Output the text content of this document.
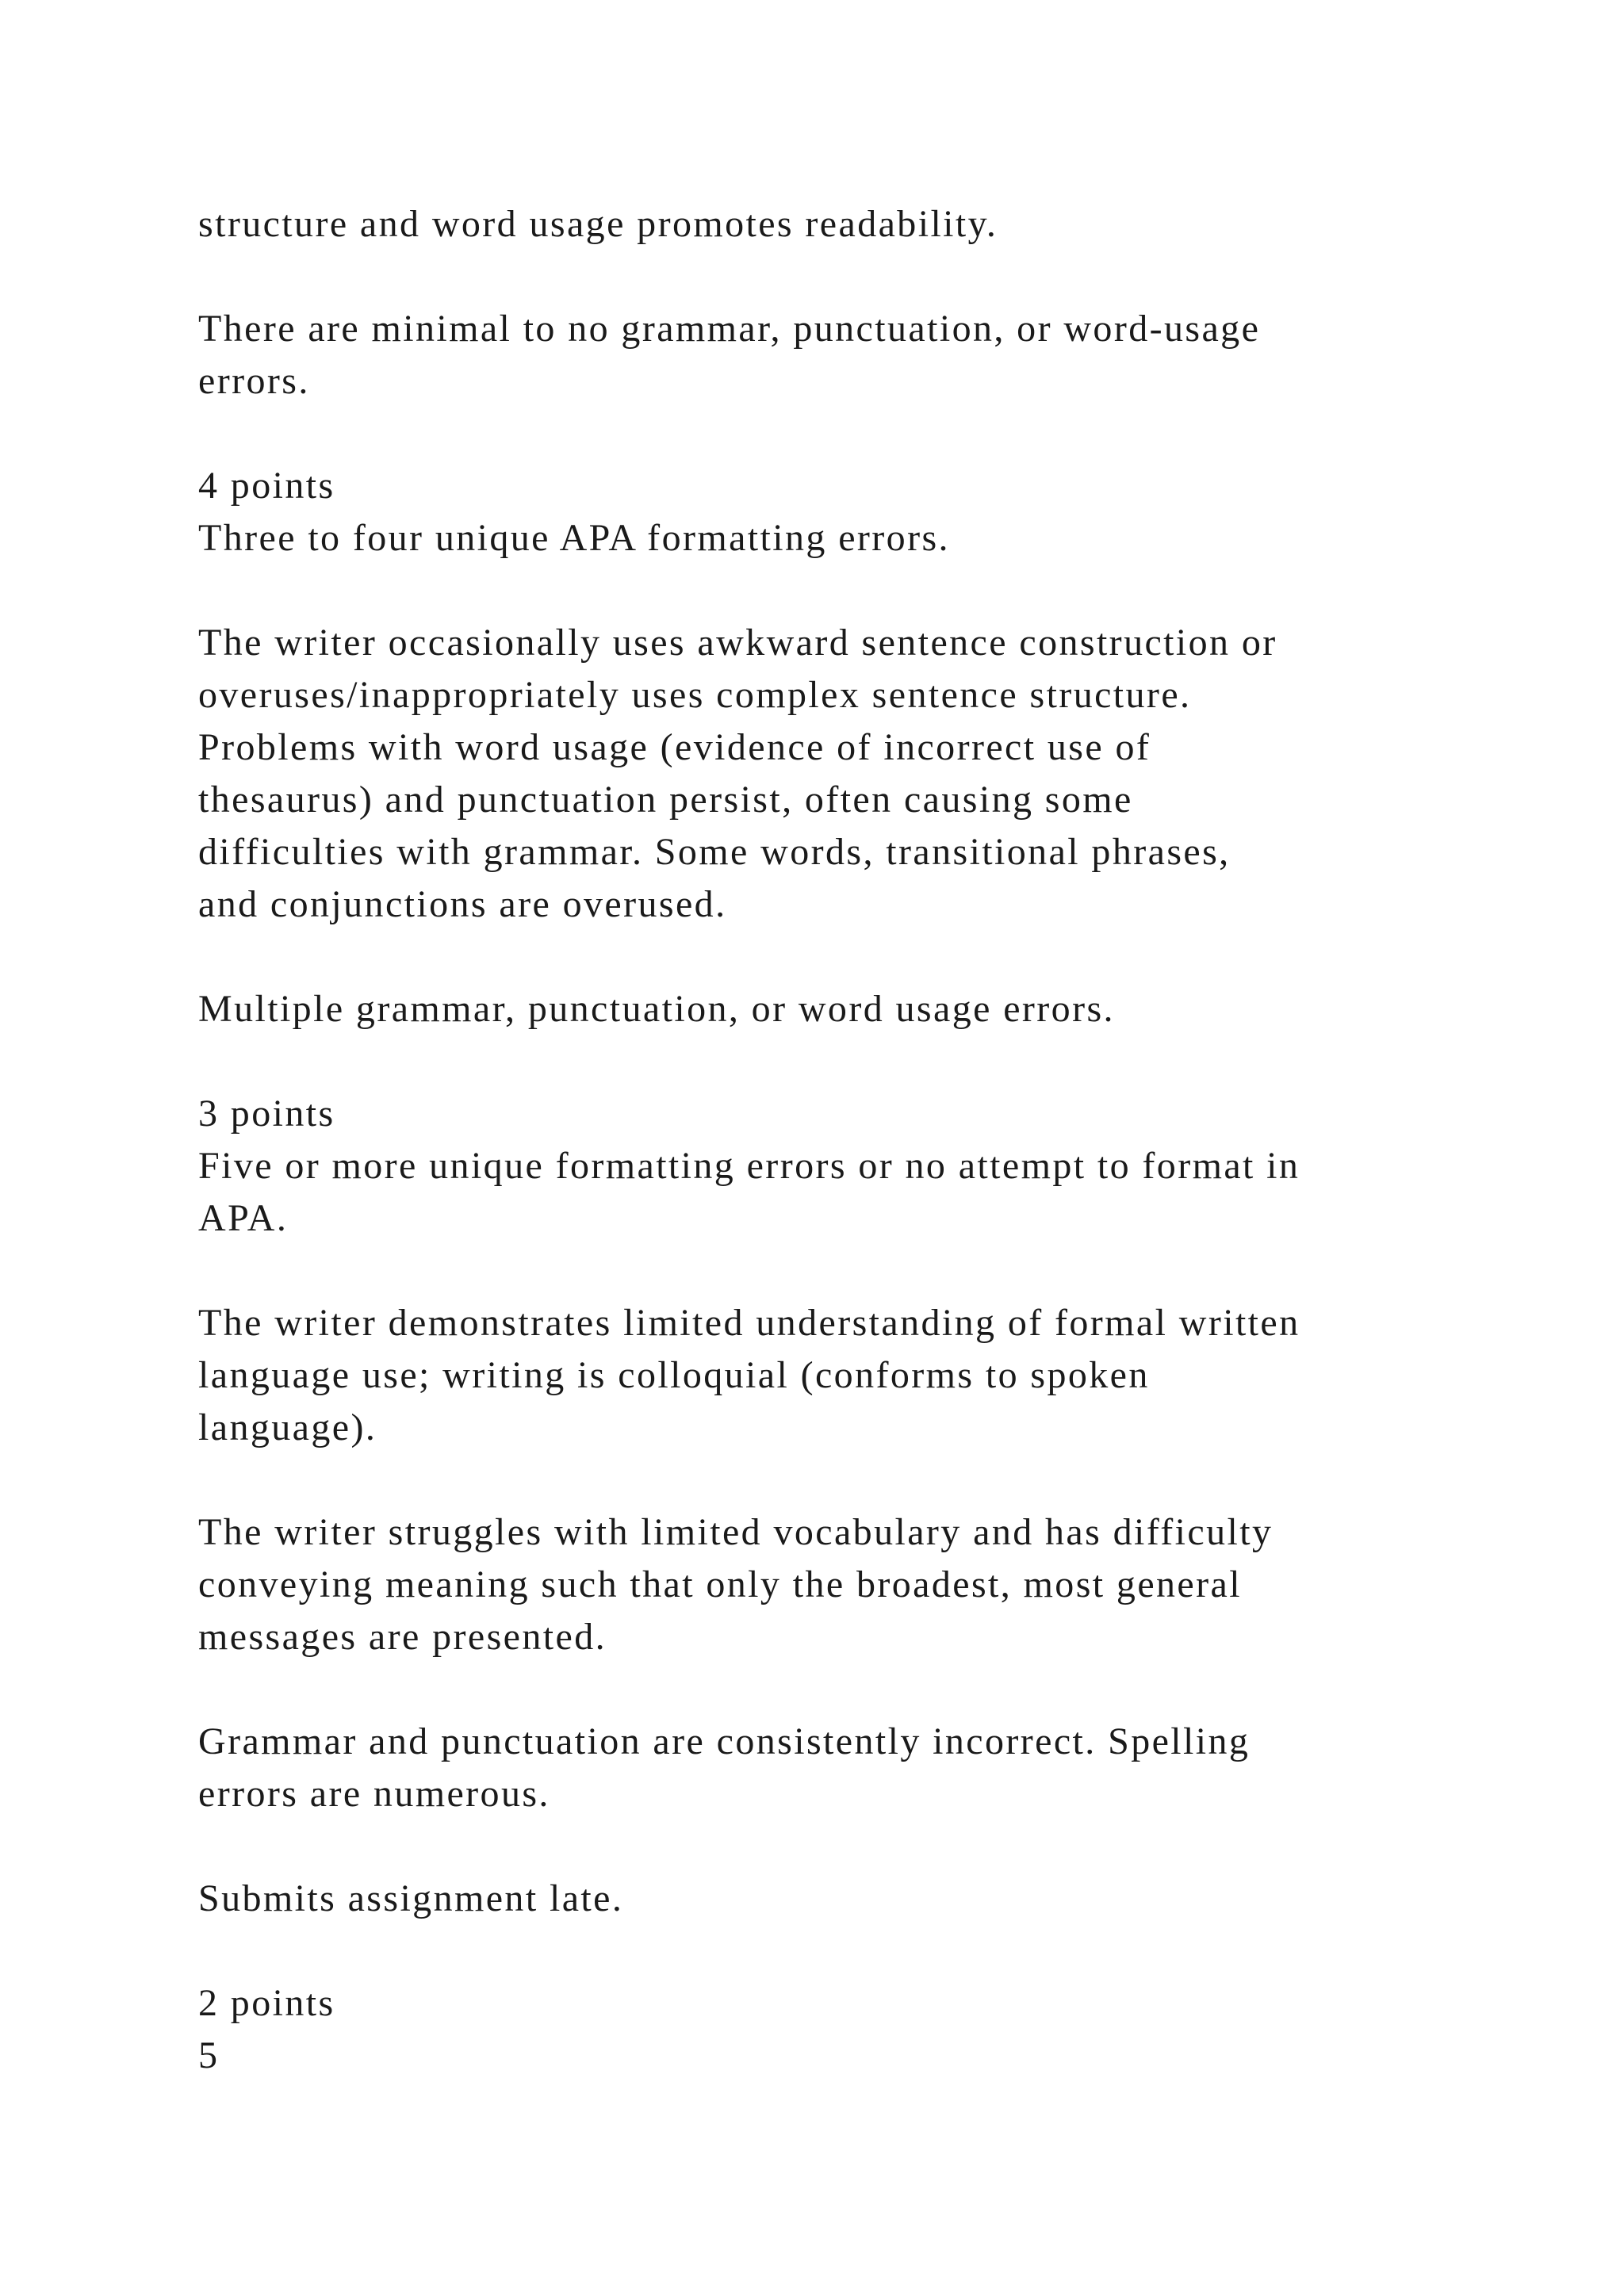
structure and word usage promotes readability.

There are minimal to no grammar, punctuation, or word-usage

errors.

4 points

Three to four unique APA formatting errors.

The writer occasionally uses awkward sentence construction or

overuses/inappropriately uses complex sentence structure.

Problems with word usage (evidence of incorrect use of

thesaurus) and punctuation persist, often causing some

difficulties with grammar. Some words, transitional phrases,

and conjunctions are overused.

Multiple grammar, punctuation, or word usage errors.

3 points

Five or more unique formatting errors or no attempt to format in

APA.

The writer demonstrates limited understanding of formal written

language use; writing is colloquial (conforms to spoken

language).

The writer struggles with limited vocabulary and has difficulty

conveying meaning such that only the broadest, most general

messages are presented.

Grammar and punctuation are consistently incorrect. Spelling

errors are numerous.

Submits assignment late.

2 points

5
